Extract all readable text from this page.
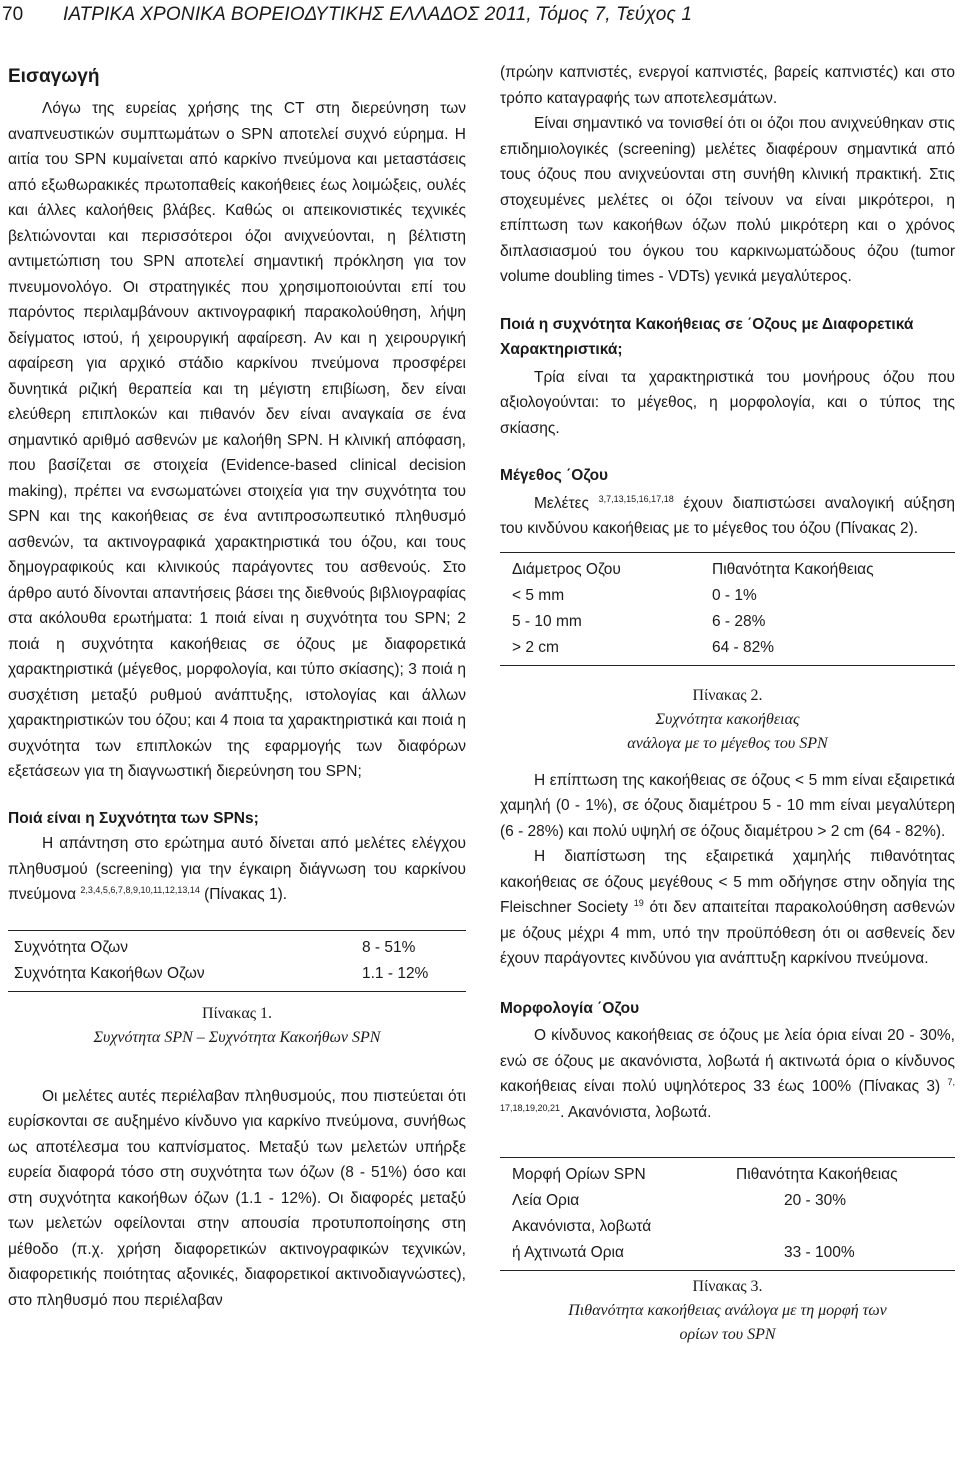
70 ΙΑΤΡΙΚΑ ΧΡΟΝΙΚΑ ΒΟΡΕΙΟΔΥΤΙΚΗΣ ΕΛΛΑΔΟΣ 2011, Τόμος 7, Τεύχος 1
Εισαγωγή

Λόγω της ευρείας χρήσης της CT στη διερεύνηση των αναπνευστικών συμπτωμάτων ο SPN αποτελεί συχνό εύρημα. Η αιτία του SPN κυμαίνεται από καρκίνο πνεύμονα και μεταστάσεις από εξωθωρακικές πρωτοπαθείς κακοήθειες έως λοιμώξεις, ουλές και άλλες καλοήθεις βλάβες. Καθώς οι απεικονιστικές τεχνικές βελτιώνονται και περισσότεροι όζοι ανιχνεύονται, η βέλτιστη αντιμετώπιση του SPN αποτελεί σημαντική πρόκληση για τον πνευμονολόγο. Οι στρατηγικές που χρησιμοποιούνται επί του παρόντος περιλαμβάνουν ακτινογραφική παρακολούθηση, λήψη δείγματος ιστού, ή χειρουργική αφαίρεση. Αν και η χειρουργική αφαίρεση για αρχικό στάδιο καρκίνου πνεύμονα προσφέρει δυνητικά ριζική θεραπεία και τη μέγιστη επιβίωση, δεν είναι ελεύθερη επιπλοκών και πιθανόν δεν είναι αναγκαία σε ένα σημαντικό αριθμό ασθενών με καλοήθη SPN. Η κλινική απόφαση, που βασίζεται σε στοιχεία (Evidence-based clinical decision making), πρέπει να ενσωματώνει στοιχεία για την συχνότητα του SPN και της κακοήθειας σε ένα αντιπροσωπευτικό πληθυσμό ασθενών, τα ακτινογραφικά χαρακτηριστικά του όζου, και τους δημογραφικούς και κλινικούς παράγοντες του ασθενούς. Στο άρθρο αυτό δίνονται απαντήσεις βάσει της διεθνούς βιβλιογραφίας στα ακόλουθα ερωτήματα: 1 ποιά είναι η συχνότητα του SPN; 2 ποιά η συχνότητα κακοήθειας σε όζους με διαφορετικά χαρακτηριστικά (μέγεθος, μορφολογία, και τύπο σκίασης); 3 ποιά η συσχέτιση μεταξύ ρυθμού ανάπτυξης, ιστολογίας και άλλων χαρακτηριστικών του όζου; και 4 ποια τα χαρακτηριστικά και ποιά η συχνότητα των επιπλοκών της εφαρμογής των διαφόρων εξετάσεων για τη διαγνωστική διερεύνηση του SPN;

Ποιά είναι η Συχνότητα των SPNs;

Η απάντηση στο ερώτημα αυτό δίνεται από μελέτες ελέγχου πληθυσμού (screening) για την έγκαιρη διάγνωση του καρκίνου πνεύμονα $^{2,3,4,5,6,7,8,9,10,11,12,13,14}$ (Πίνακας 1).

Συχνότητα Οζων	8 - 51%
Συχνότητα Κακοήθων Οζων	1.1 - 12%
Πίνακας 1.
Συχνότητα SPN – Συχνότητα Κακοήθων SPN

Οι μελέτες αυτές περιέλαβαν πληθυσμούς, που πιστεύεται ότι ευρίσκονται σε αυξημένο κίνδυνο για καρκίνο πνεύμονα, συνήθως ως αποτέλεσμα του καπνίσματος. Μεταξύ των μελετών υπήρξε ευρεία διαφορά τόσο στη συχνότητα των όζων (8 - 51%) όσο και στη συχνότητα κακοήθων όζων (1.1 - 12%). Οι διαφορές μεταξύ των μελετών οφείλονται στην απουσία προτυποποίησης στη μέθοδο (π.χ. χρήση διαφορετικών ακτινογραφικών τεχνικών, διαφορετικής ποιότητας αξονικές, διαφορετικοί ακτινοδιαγνώστες), στο πληθυσμό που περιέλαβαν

(πρώην καπνιστές, ενεργοί καπνιστές, βαρείς καπνιστές) και στο τρόπο καταγραφής των αποτελεσμάτων.

Είναι σημαντικό να τονισθεί ότι οι όζοι που ανιχνεύθηκαν στις επιδημιολογικές (screening) μελέτες διαφέρουν σημαντικά από τους όζους που ανιχνεύονται στη συνήθη κλινική πρακτική. Στις στοχευμένες μελέτες οι όζοι τείνουν να είναι μικρότεροι, η επίπτωση των κακοήθων όζων πολύ μικρότερη και ο χρόνος διπλασιασμού του όγκου του καρκινωματώδους όζου (tumor volume doubling times - VDTs) γενικά μεγαλύτερος.

Ποιά η συχνότητα Κακοήθειας σε ΄Οζους με Διαφορετικά Χαρακτηριστικά;

Τρία είναι τα χαρακτηριστικά του μονήρους όζου που αξιολογούνται: το μέγεθος, η μορφολογία, και ο τύπος της σκίασης.

Μέγεθος ΄Οζου

Μελέτες $^{3,7,13,15,16,17,18}$ έχουν διαπιστώσει αναλογική αύξηση του κινδύνου κακοήθειας με το μέγεθος του όζου (Πίνακας 2).

Διάμετρος Οζου	Πιθανότητα Κακοήθειας
< 5 mm	0 - 1%
5 - 10 mm	6 - 28%
> 2 cm	64 - 82%
Πίνακας 2.
Συχνότητα κακοήθειας
ανάλογα με το μέγεθος του SPN

Η επίπτωση της κακοήθειας σε όζους < 5 mm είναι εξαιρετικά χαμηλή (0 - 1%), σε όζους διαμέτρου 5 - 10 mm είναι μεγαλύτερη (6 - 28%) και πολύ υψηλή σε όζους διαμέτρου > 2 cm (64 - 82%).

Η διαπίστωση της εξαιρετικά χαμηλής πιθανότητας κακοήθειας σε όζους μεγέθους < 5 mm οδήγησε στην οδηγία της Fleischner Society $^{19}$ ότι δεν απαιτείται παρακολούθηση ασθενών με όζους μέχρι 4 mm, υπό την προϋπόθεση ότι οι ασθενείς δεν έχουν παράγοντες κινδύνου για ανάπτυξη καρκίνου πνεύμονα.

Μορφολογία ΄Οζου

Ο κίνδυνος κακοήθειας σε όζους με λεία όρια είναι 20 - 30%, ενώ σε όζους με ακανόνιστα, λοβωτά ή ακτινωτά όρια ο κίνδυνος κακοήθειας είναι πολύ υψηλότερος 33 έως 100% (Πίνακας 3) $^{7, 17,18,19,20,21}$. Ακανόνιστα, λοβωτά.

Μορφή Ορίων SPN	Πιθανότητα Κακοήθειας
Λεία Ορια	20 - 30%
Ακανόνιστα, λοβωτά
ή Αχτινωτά Ορια	33 - 100%
Πίνακας 3.
Πιθανότητα κακοήθειας ανάλογα με τη μορφή των
ορίων του SPN
